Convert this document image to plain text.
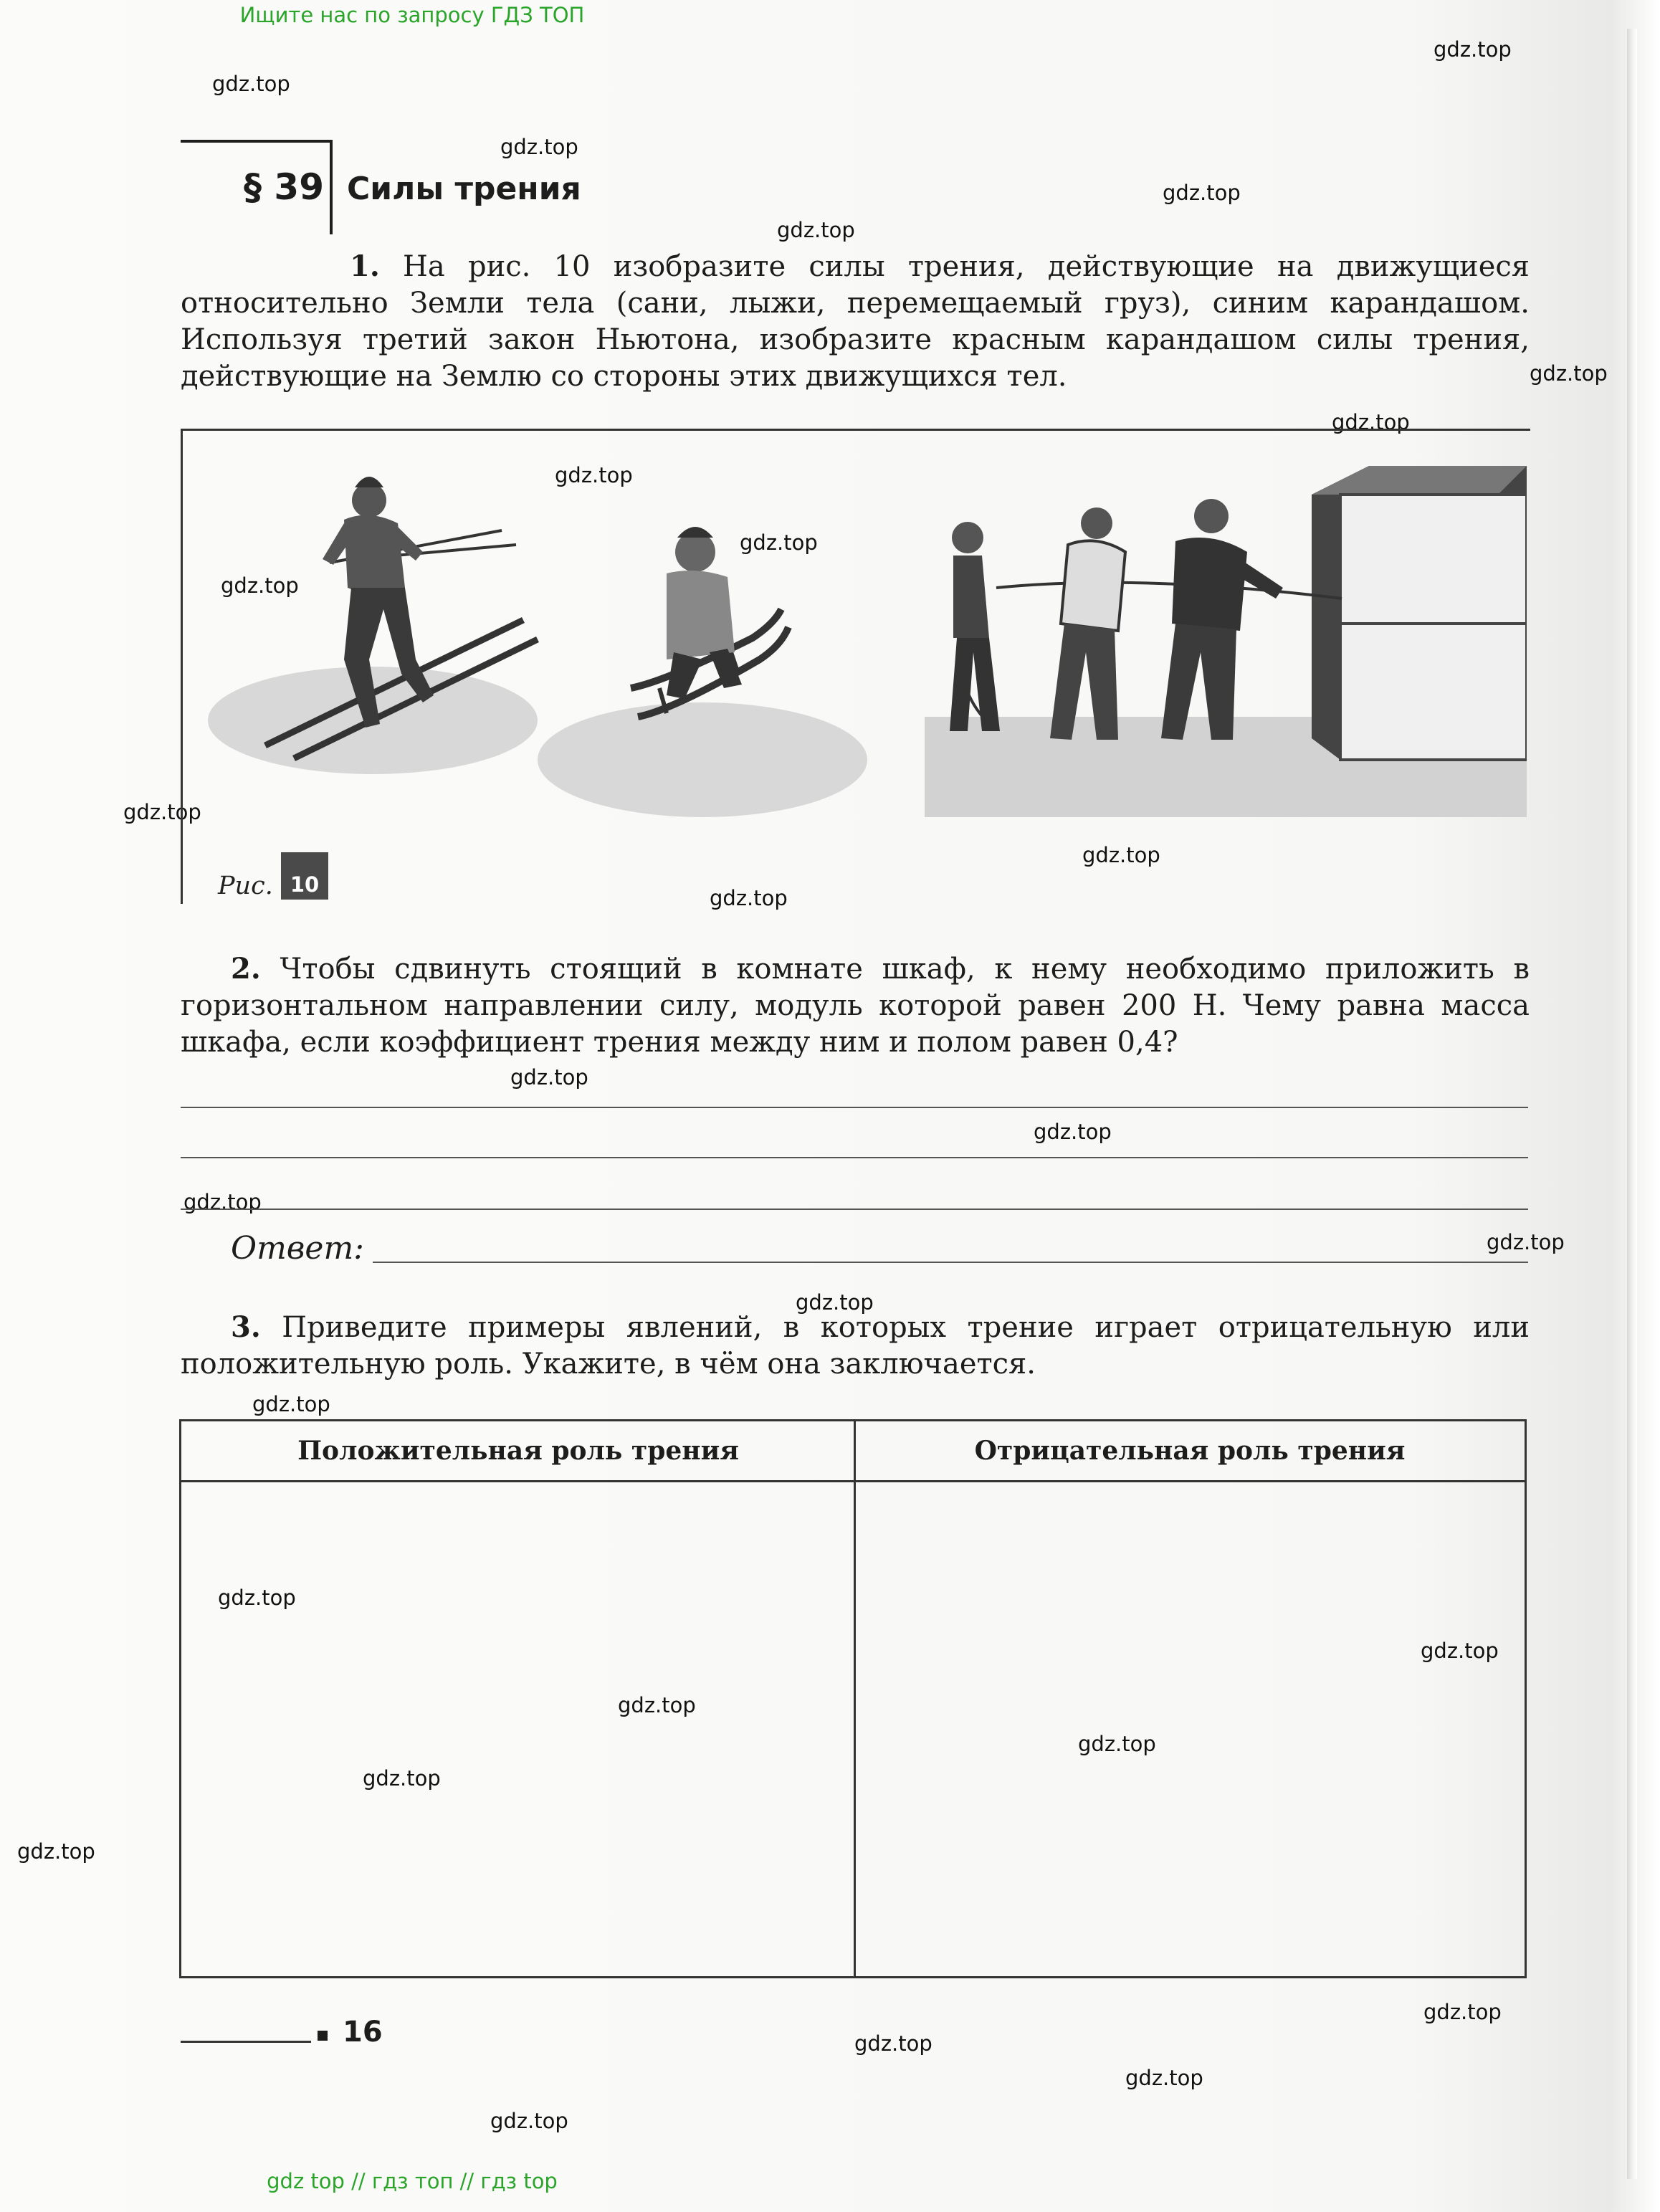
Ищите нас по запросу ГДЗ ТОП
gdz.top
gdz.top
gdz.top
gdz.top
gdz.top
gdz.top
gdz.top
gdz.top
gdz.top
gdz.top
gdz.top
gdz.top
gdz.top
gdz.top
gdz.top
gdz.top
gdz.top
gdz.top
gdz.top
gdz.top
gdz.top
gdz.top
gdz.top
gdz.top
gdz.top
gdz.top
gdz.top
gdz.top
gdz.top
§ 39 Силы трения
1. На рис. 10 изобразите силы трения, действующие на движущиеся относительно Земли тела (сани, лыжи, перемещаемый груз), синим карандашом. Используя третий закон Ньютона, изобразите красным карандашом силы трения, действующие на Землю со стороны этих движущихся тел.
Рис. 10
2. Чтобы сдвинуть стоящий в комнате шкаф, к нему необходимо приложить в горизонтальном направлении силу, модуль которой равен 200 Н. Чему равна масса шкафа, если коэффициент трения между ним и полом равен 0,4?
Ответ:
3. Приведите примеры явлений, в которых трение играет отрицательную или положительную роль. Укажите, в чём она заключается.
Положительная роль трения	Отрицательная роль трения
16
gdz top // гдз топ // гдз top
